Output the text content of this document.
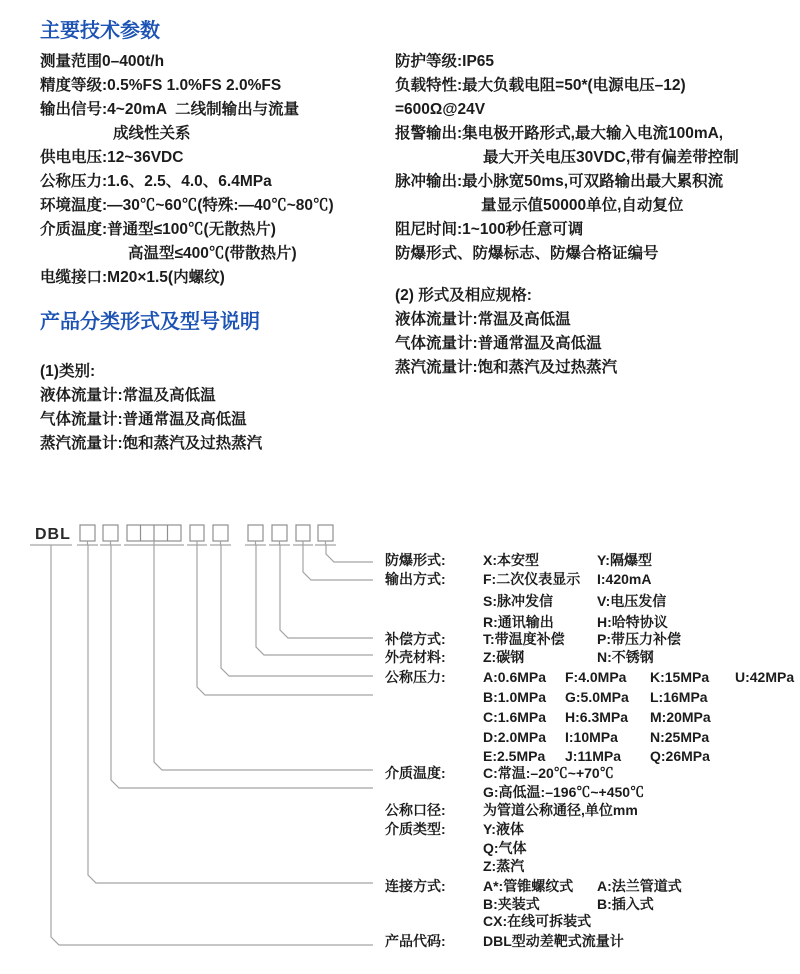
主要技术参数
产品分类形式及型号说明
测量范围0–400t/h
精度等级:0.5%FS 1.0%FS 2.0%FS
输出信号:4~20mA  二线制输出与流量
成线性关系
供电电压:12~36VDC
公称压力:1.6、2.5、4.0、6.4MPa
环境温度:—30℃~60℃(特殊:—40℃~80℃)
介质温度:普通型≤100℃(无散热片)
高温型≤400℃(带散热片)
电缆接口:M20×1.5(内螺纹)
防护等级:IP65
负载特性:最大负载电阻=50*(电源电压–12)
=600Ω@24V
报警输出:集电极开路形式,最大输入电流100mA,
最大开关电压30VDC,带有偏差带控制
脉冲输出:最小脉宽50ms,可双路输出最大累积流
量显示值50000单位,自动复位
阻尼时间:1~100秒任意可调
防爆形式、防爆标志、防爆合格证编号
(2) 形式及相应规格:
液体流量计:常温及高低温
气体流量计:普通常温及高低温
蒸汽流量计:饱和蒸汽及过热蒸汽
(1)类别:
液体流量计:常温及高低温
气体流量计:普通常温及高低温
蒸汽流量计:饱和蒸汽及过热蒸汽
DBL
防爆形式:	X:本安型	Y:隔爆型
输出方式:	F:二次仪表显示 I:420mA
S:脉冲发信	V:电压发信
R:通讯输出	H:哈特协议
补偿方式:	T:带温度补偿 P:带压力补偿
外壳材料:	Z:碳钢	N:不锈钢
公称压力:	A:0.6MPa F:4.0MPa K:15MPa U:42MPa
B:1.0MPa G:5.0MPa L:16MPa
C:1.6MPa H:6.3MPa M:20MPa
D:2.0MPa I:10MPa N:25MPa
E:2.5MPa J:11MPa Q:26MPa
介质温度:	C:常温:–20℃~+70℃
G:高低温:–196℃~+450℃
公称口径:	为管道公称通径,单位mm
介质类型:	Y:液体
Q:气体
Z:蒸汽
连接方式:	A*:管锥螺纹式 A:法兰管道式
B:夹装式	B:插入式
CX:在线可拆装式
产品代码:	DBL型动差靶式流量计
